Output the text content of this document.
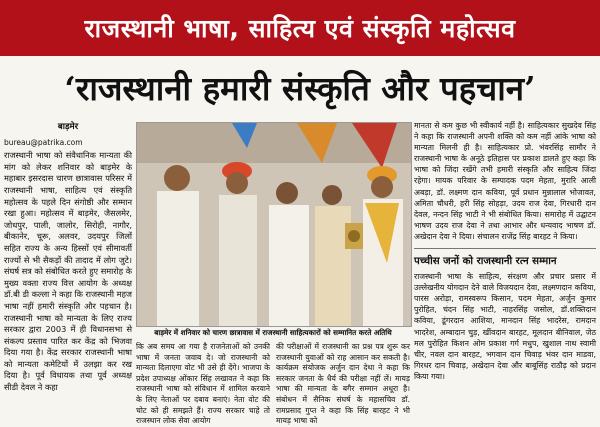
राजस्थानी भाषा, साहित्य एवं संस्कृति महोत्सव
‘राजस्थानी हमारी संस्कृति और पहचान’
बाड़मेर
bureau@patrika.com
राजस्थानी भाषा को संवैधानिक मान्यता की मांग को लेकर शनिवार को बाड़मेर के महाबार इसरदास चारण छात्रावास परिसर में राजस्थानी भाषा, साहित्य एवं संस्कृति महोत्सव के पहले दिन संगोष्ठी और सम्मान रखा हुआ। महोत्सव में बाड़मेर, जैसलमेर, जोधपुर, पाली, जालोर, सिरोही, नागौर, बीकानेर, चूरू, अलवर, उदयपुर जिलों सहित राज्य के अन्य हिस्सों एवं सीमावर्ती राज्यों से भी सैकड़ों की तादाद में लोग जुटे। संघर्ष सत्र को संबोधित करते हुए समारोह के मुख्य वक्ता राज्य वित्त आयोग के अध्यक्ष डॉ.बी डी कल्ला ने कहा कि राजस्थानी महज भाषा नहीं हमारी संस्कृति और पहचान है। राजस्थानी भाषा को मान्यता के लिए राज्य सरकार द्वारा 2003 में ही विधानसभा से संकल्प प्रस्ताव पारित कर केंद्र को भिजवा दिया गया है। केंद्र सरकार राजस्थानी भाषा को मान्यता कमेटियों में उलझा कर रख दिया है। पूर्व विधायक तथा पूर्व अध्यक्ष सीडी देवल ने कहा
बाड़मेर में शनिवार को चारण छात्रावास में राजस्थानी साहित्यकारों को सम्मानित करते अतिथि
कि अब समय आ गया है राजनेताओं को उनकी भाषा में जनता जवाब दे। जो राजस्थानी को मान्यता दिलाएगा वोट भी उसे ही देंगे। भाजपा के प्रदेश उपाध्यक्ष ओंकार सिंह लखावत ने कहा कि राजस्थानी भाषा को संविधान में शामिल करवाने के लिए नेताओं पर दबाव बनाएं। नेता वोट की चोट को ही समझते हैं। राज्य सरकार चाहे तो राजस्थान लोक सेवा आयोग
की परीक्षाओं में राजस्थानी का प्रश्न पत्र शुरू कर राजस्थानी युवाओं को राह आसान कर सकती है। कार्यक्रम संयोजक अर्जुन दान देथा ने कहा कि सरकार जनता के धैर्य की परीक्षा नहीं लें। मायड़ भाषा की मान्यता के बगैर सम्मान अधूरा है। संबोधन में सैनिक संघर्ष के महासचिव डॉ. रामप्रसाद गुप्त ने कहा कि सिंह बारहट ने भी मायड़ भाषा को
मानता से कम कुछ भी स्वीकार्य नहीं है। साहित्यकार सुखदेव सिंह ने कहा कि राजस्थानी अपनी शक्ति को कम नहीं आंके भाषा को मान्यता मिलनी ही है। साहित्यकार प्रो. भंवरसिंह सामौर ने राजस्थानी भाषा के अनूठे इतिहास पर प्रकाश डालते हुए कहा कि भाषा को जिंदा रखेंगे तभी हमारी संस्कृति और साहित्य जिंदा रहेगा। मायक परिवार के सम्पादक पदम मेहता, मुरारि आली अबड़ा, डॉ. लक्ष्मण दान कविया, पूर्व प्रधान मुन्नालाल भोजावत, अमिता चौधरी, हरी सिंह सोहड़ा, उदय राज देवा, गिरधारी दान देवल, नन्दन सिंह भाटी ने भी संबोधित किया। समारोह में उद्घाटन भाषण उदय राज देवा ने तथा आभार और धन्यवाद भाषण डॉ. अखेदान देवा ने दिया। संचालन राजेंद्र सिंह बारहट ने किया।
पच्चीस जनों को राजस्थानी रत्न सम्मान
राजस्थानी भाषा के साहित्य, संरक्षण और प्रचार प्रसार में उल्लेखनीय योगदान देने वाले विजयदान देवा, लक्ष्मणदान कविया, पारस अरोड़ा, रामस्वरूप किसान, पदम मेहता, अर्जुन कुमार पुरोहित, चंदन सिंह भाटी, नाहरसिंह जसोल, डॉ.शक्तिदान कविया, डूंगरदान आशिया, मानदान सिंह भादरेस, रामदान भादरेश, अम्बादान चुड़, खींवदान बारहट, मूलदान बीनिवाल, जेठ मल पुरोहित किशन ओम प्रकाश गर्ग मधुप, खुशाल नाथ स्वामी चीर, नवल दान बारहट, भगवान दान चिवाड़ भंवर दान माडवा, गिरधर दान चिवाड़, अखेदान देवा और बाबूसिंह राठौड़ को प्रदान किया गया।
